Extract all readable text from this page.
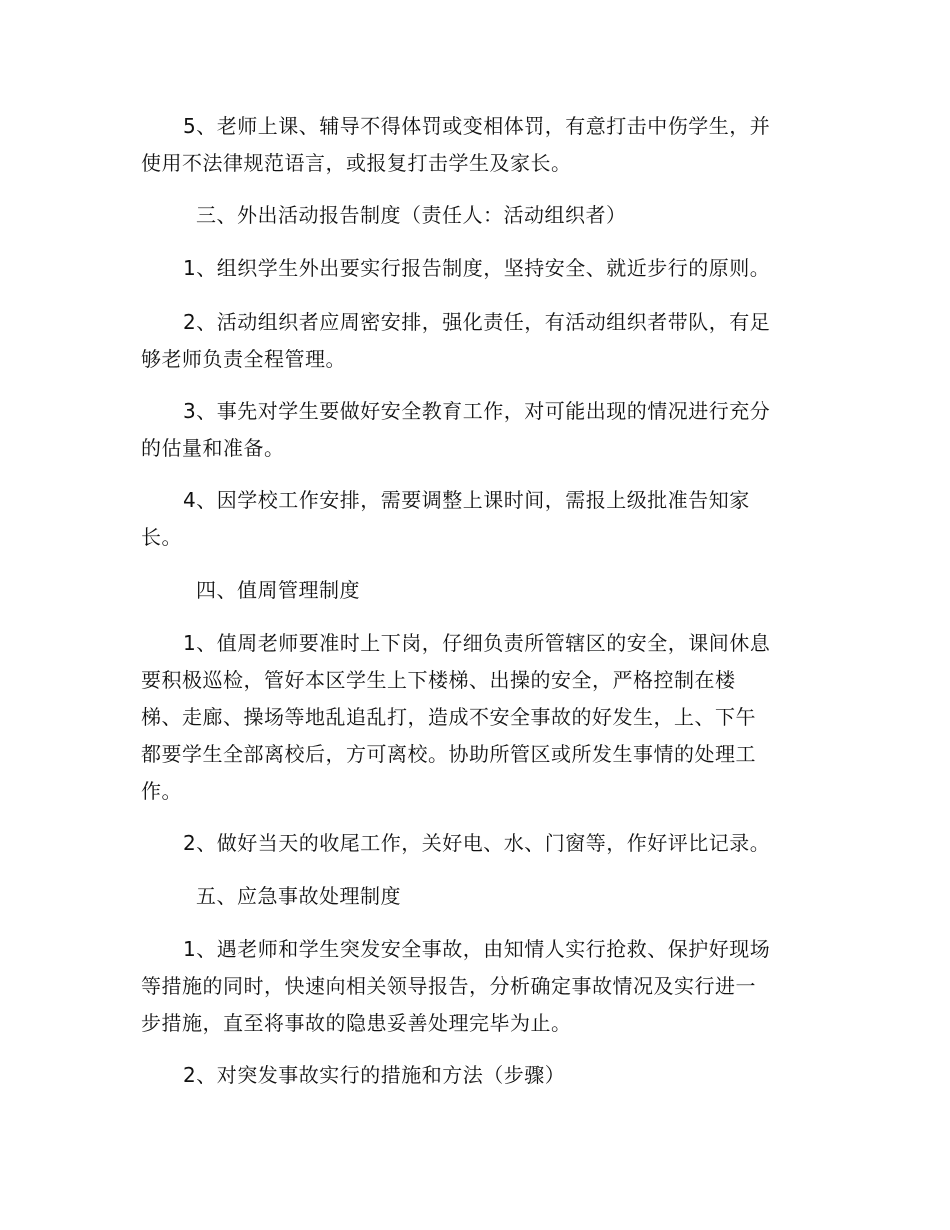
5、老师上课、辅导不得体罚或变相体罚，有意打击中伤学生，并
使用不法律规范语言，或报复打击学生及家长。
三、外出活动报告制度（责任人：活动组织者）
1、组织学生外出要实行报告制度，坚持安全、就近步行的原则。
2、活动组织者应周密安排，强化责任，有活动组织者带队，有足
够老师负责全程管理。
3、事先对学生要做好安全教育工作，对可能出现的情况进行充分
的估量和准备。
4、因学校工作安排，需要调整上课时间，需报上级批准告知家
长。
四、值周管理制度
1、值周老师要准时上下岗，仔细负责所管辖区的安全，课间休息
要积极巡检，管好本区学生上下楼梯、出操的安全，严格控制在楼
梯、走廊、操场等地乱追乱打，造成不安全事故的好发生，上、下午
都要学生全部离校后，方可离校。协助所管区或所发生事情的处理工
作。
2、做好当天的收尾工作，关好电、水、门窗等，作好评比记录。
五、应急事故处理制度
1、遇老师和学生突发安全事故，由知情人实行抢救、保护好现场
等措施的同时，快速向相关领导报告，分析确定事故情况及实行进一
步措施，直至将事故的隐患妥善处理完毕为止。
2、对突发事故实行的措施和方法（步骤）
